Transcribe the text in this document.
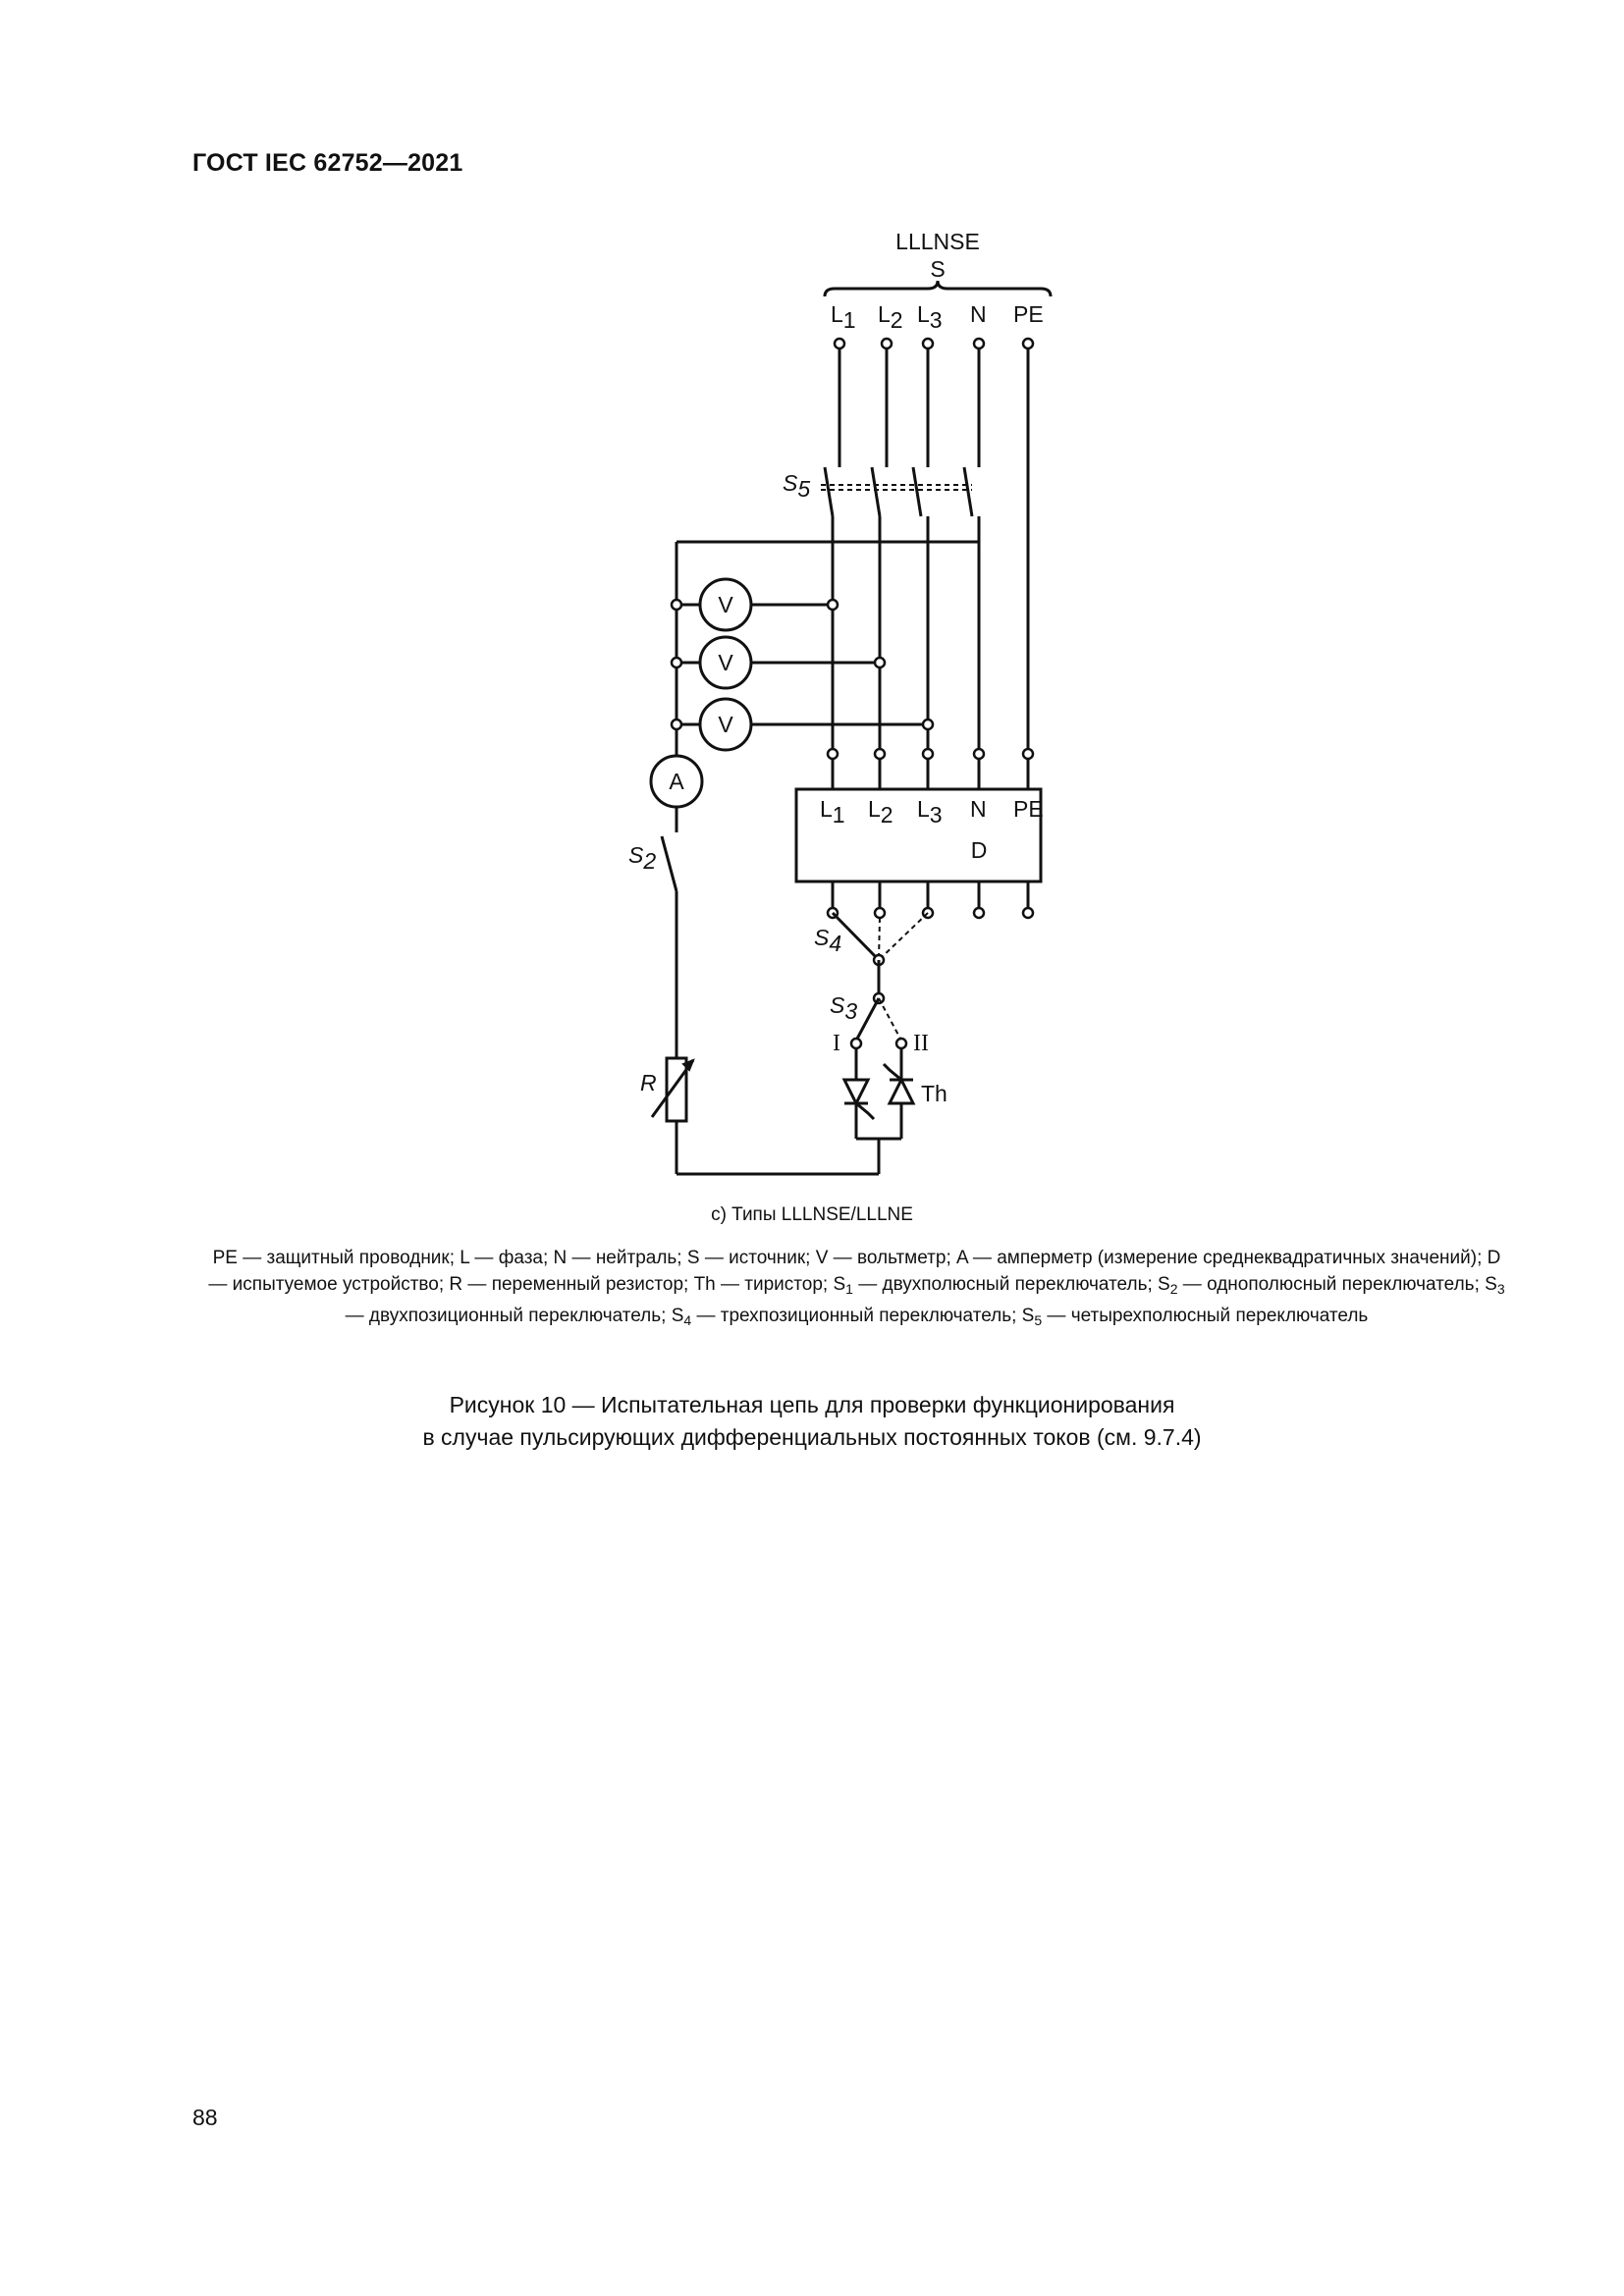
ГОСТ IEC 62752—2021
LLLNSE
S
L1 L2 L3 N PE
S5
V
V
V
A
S2
R
L1 L2 L3 N PE
D
S4
S3
I	II
Th
c) Типы LLLNSE/LLLNE
PE — защитный проводник; L — фаза; N — нейтраль; S — источник; V — вольтметр; A — амперметр (измерение среднеквадратичных значений); D — испытуемое устройство; R — переменный резистор; Th — тиристор; $S_1$ — двухполюсный переключатель; $S_2$ — однополюсный переключатель; $S_3$ — двухпозиционный переключатель; $S_4$ — трехпозиционный переключатель; $S_5$ — четырехполюсный переключатель
Рисунок 10 — Испытательная цепь для проверки функционирования
в случае пульсирующих дифференциальных постоянных токов (см. 9.7.4)
88
